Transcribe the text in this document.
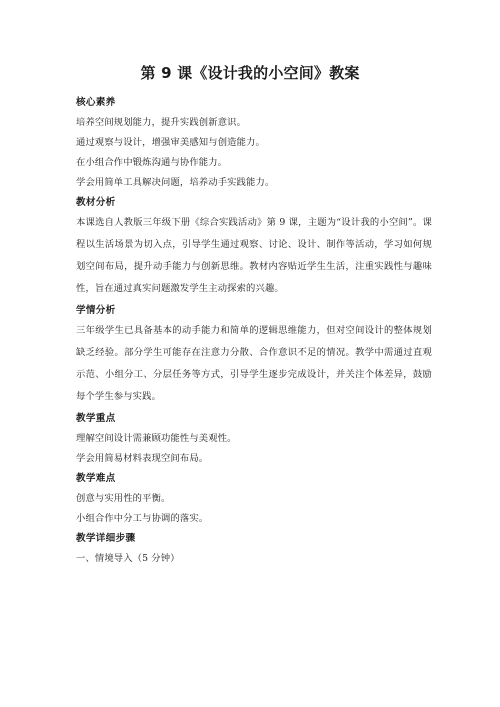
第 9 课《设计我的小空间》教案
核心素养
培养空间规划能力，提升实践创新意识。
通过观察与设计，增强审美感知与创造能力。
在小组合作中锻炼沟通与协作能力。
学会用简单工具解决问题，培养动手实践能力。
教材分析
本课选自人教版三年级下册《综合实践活动》第 9 课，主题为“设计我的小空间”。课程以生活场景为切入点，引导学生通过观察、讨论、设计、制作等活动，学习如何规划空间布局，提升动手能力与创新思维。教材内容贴近学生生活，注重实践性与趣味性，旨在通过真实问题激发学生主动探索的兴趣。
学情分析
三年级学生已具备基本的动手能力和简单的逻辑思维能力，但对空间设计的整体规划缺乏经验。部分学生可能存在注意力分散、合作意识不足的情况。教学中需通过直观示范、小组分工、分层任务等方式，引导学生逐步完成设计，并关注个体差异，鼓励每个学生参与实践。
教学重点
理解空间设计需兼顾功能性与美观性。
学会用简易材料表现空间布局。
教学难点
创意与实用性的平衡。
小组合作中分工与协调的落实。
教学详细步骤
一、情境导入（5 分钟）
